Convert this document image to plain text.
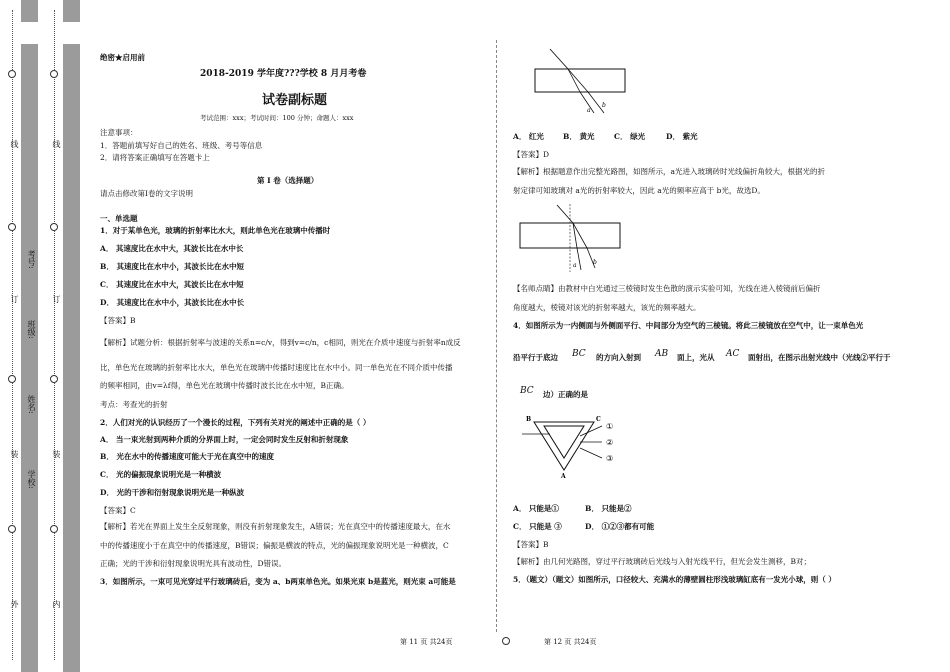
线
订
装
外
线
订
装
内
考号:
班级:
姓名:
学校:
绝密★启用前
2018-2019 学年度???学校 8 月月考卷
试卷副标题
考试范围：xxx；考试时间：100 分钟；命题人：xxx
注意事项：
1．答题前填写好自己的姓名、班级、考号等信息
2．请将答案正确填写在答题卡上
第 I 卷（选择题）
请点击修改第I卷的文字说明
一、单选题
1．对于某单色光，玻璃的折射率比水大，则此单色光在玻璃中传播时
A． 其速度比在水中大，其波长比在水中长
B． 其速度比在水中小，其波长比在水中短
C． 其速度比在水中大，其波长比在水中短
D． 其速度比在水中小，其波长比在水中长
【答案】B
【解析】试题分析：根据折射率与波速的关系n=c/v，得到v=c/n，c相同，则光在介质中速度与折射率n成反
比，单色光在玻璃的折射率比水大，单色光在玻璃中传播时速度比在水中小。同一单色光在不同介质中传播
的频率相同，由v=λf得，单色光在玻璃中传播时波长比在水中短，B正确。
考点：考查光的折射
2．人们对光的认识经历了一个漫长的过程，下列有关对光的阐述中正确的是（ ）
A． 当一束光射到两种介质的分界面上时，一定会同时发生反射和折射现象
B． 光在水中的传播速度可能大于光在真空中的速度
C． 光的偏振现象说明光是一种横波
D． 光的干涉和衍射现象说明光是一种纵波
【答案】C
【解析】若光在界面上发生全反射现象，则没有折射现象发生，A错误；光在真空中的传播速度最大，在水
中的传播速度小于在真空中的传播速度，B错误；偏振是横波的特点，光的偏振现象说明光是一种横波，C
正确；光的干涉和衍射现象说明光具有波动性，D错误。
3．如图所示，一束可见光穿过平行玻璃砖后，变为 a、b两束单色光。如果光束 b是蓝光，则光束 a可能是
a
b
A． 红光	B． 黄光	C． 绿光	D． 紫光
【答案】D
【解析】根据题意作出完整光路图，如图所示，a光进入玻璃砖时光线偏折角较大，根据光的折
射定律可知玻璃对 a光的折射率较大，因此 a光的频率应高于 b光，故选D。
a	b
【名师点睛】由教材中白光通过三棱镜时发生色散的演示实验可知，光线在进入棱镜前后偏折
角度越大，棱镜对该光的折射率越大，该光的频率越大。
4．如图所示为一内侧面与外侧面平行、中间部分为空气的三棱镜。将此三棱镜放在空气中，让一束单色光
沿平行于底边 BC 的方向入射到 AB 面上，光从 AC 面射出，在图示出射光线中（光线②平行于
BC 边）正确的是
B	C
A
①
②
③
A． 只能是①	B． 只能是②
C． 只能是 ③	D． ①②③都有可能
【答案】B
【解析】由几何光路图，穿过平行玻璃砖后光线与入射光线平行，但光会发生测移，B对；
5．（题文）（题文）如图所示，口径较大、充满水的薄壁圆柱形浅玻璃缸底有一发光小球，则（ ）
第 11 页 共24页	第 12 页 共24页
